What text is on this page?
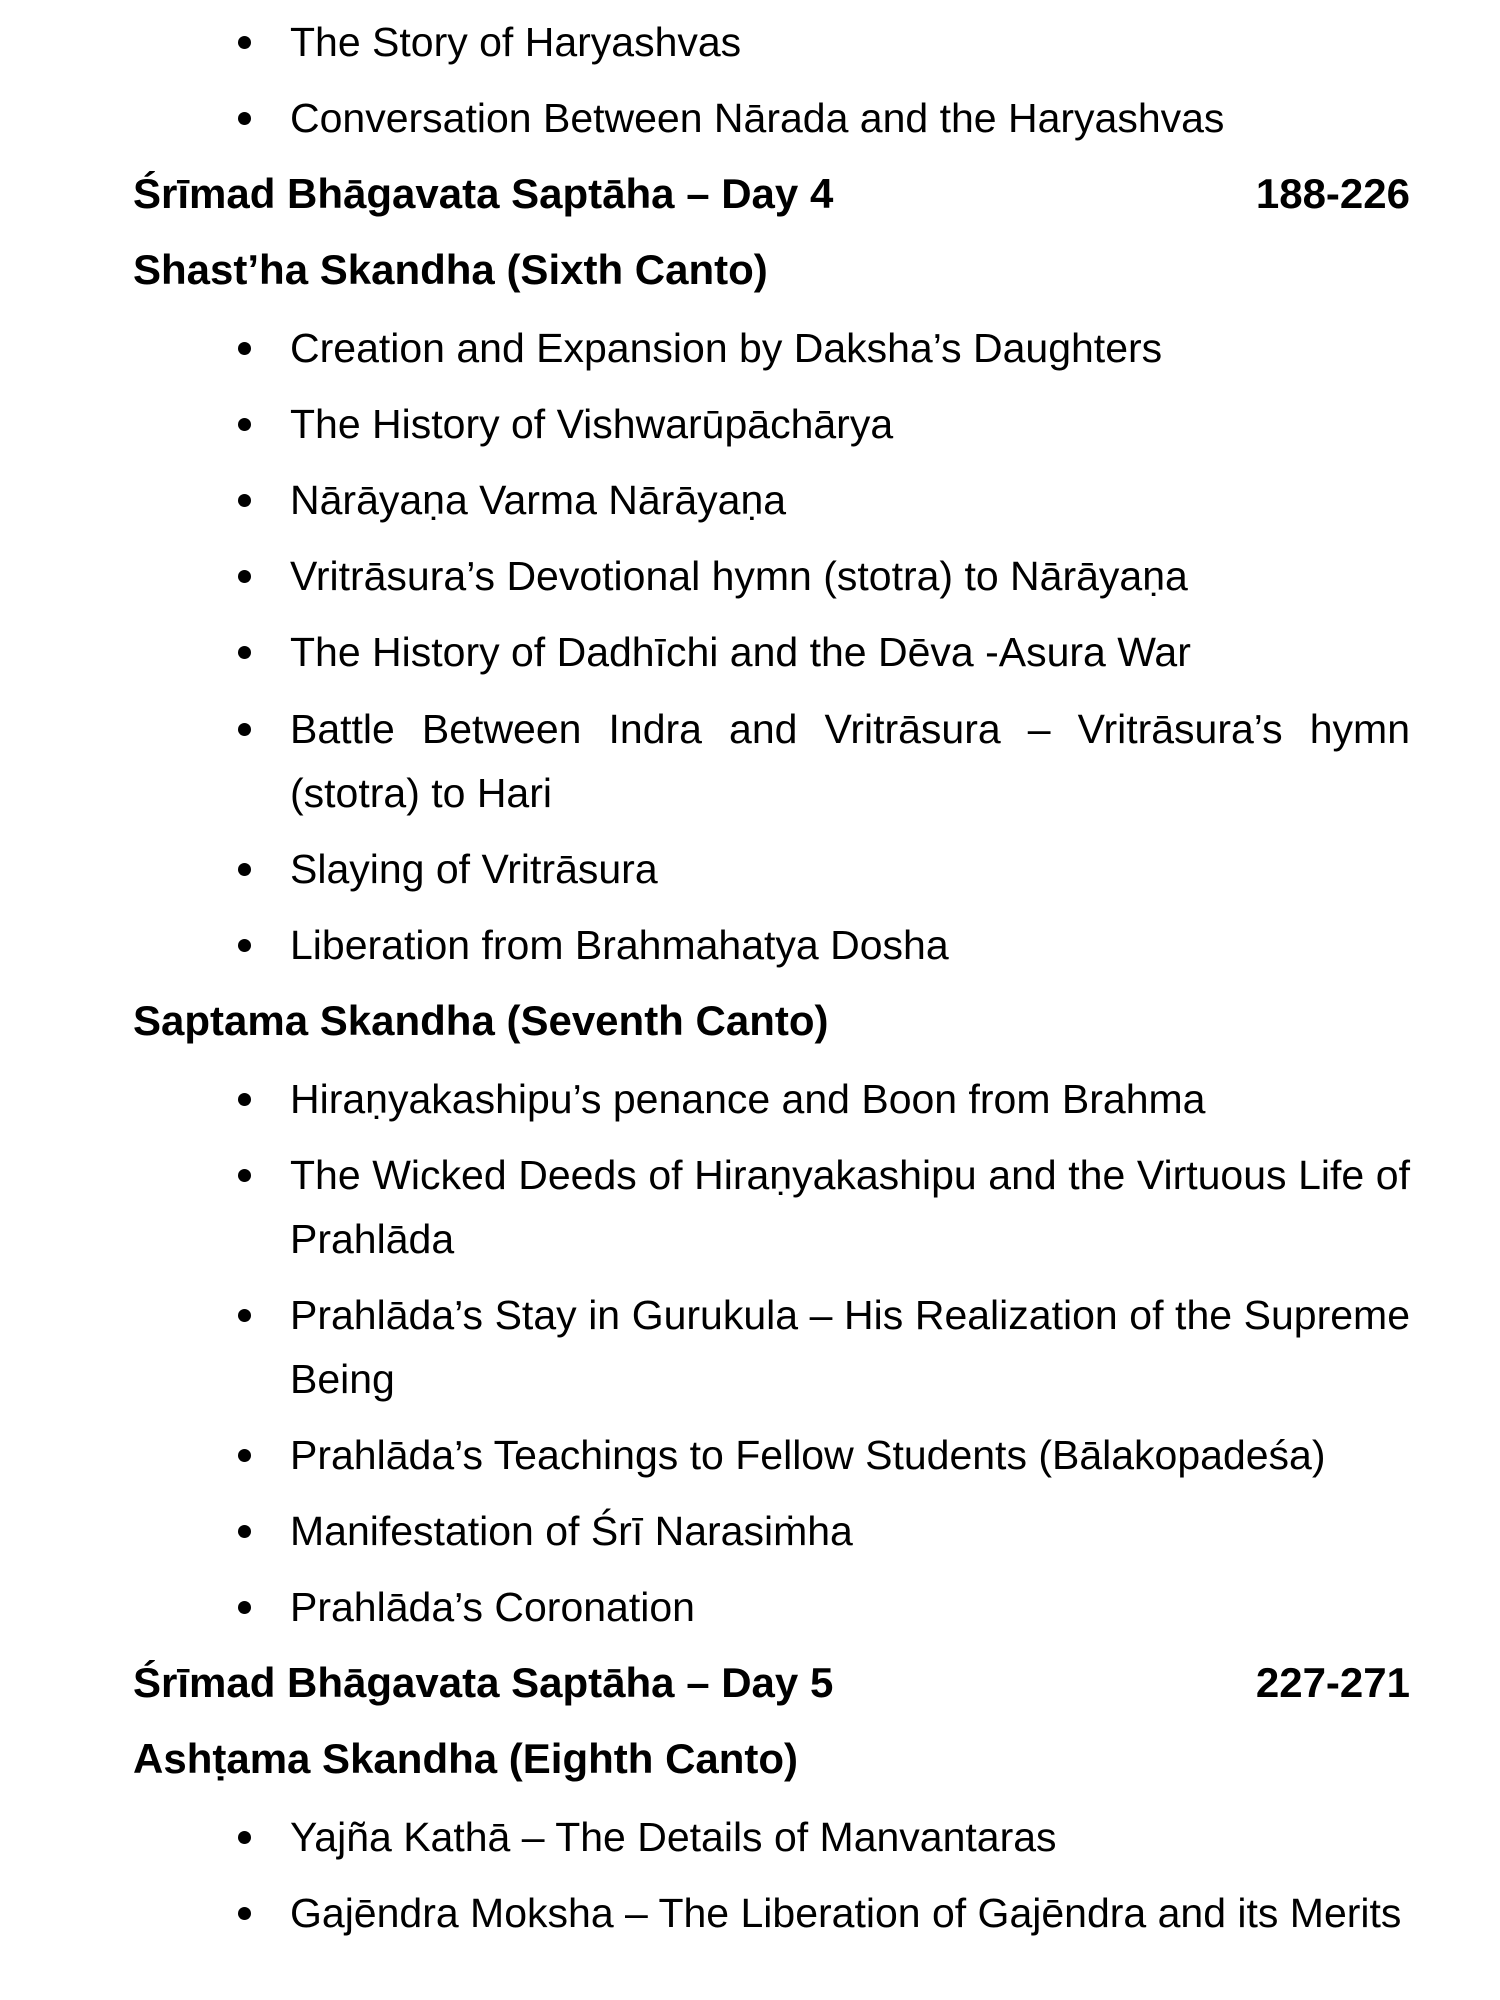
The Story of Haryashvas
Conversation Between Nārada and the Haryashvas
Śrīmad Bhāgavata Saptāha – Day 4	188-226
Shast’ha Skandha (Sixth Canto)
Creation and Expansion by Daksha’s Daughters
The History of Vishwarūpāchārya
Nārāyaṇa Varma Nārāyaṇa
Vritrāsura’s Devotional hymn (stotra) to Nārāyaṇa
The History of Dadhīchi and the Dēva -Asura War
Battle Between Indra and Vritrāsura – Vritrāsura’s hymn (stotra) to Hari
Slaying of Vritrāsura
Liberation from Brahmahatya Dosha
Saptama Skandha (Seventh Canto)
Hiraṇyakashipu’s penance and Boon from Brahma
The Wicked Deeds of Hiraṇyakashipu and the Virtuous Life of Prahlāda
Prahlāda’s Stay in Gurukula – His Realization of the Supreme Being
Prahlāda’s Teachings to Fellow Students (Bālakopadeśa)
Manifestation of Śrī Narasiṁha
Prahlāda’s Coronation
Śrīmad Bhāgavata Saptāha – Day 5	227-271
Ashṭama Skandha (Eighth Canto)
Yajña Kathā – The Details of Manvantaras
Gajēndra Moksha – The Liberation of Gajēndra and its Merits
